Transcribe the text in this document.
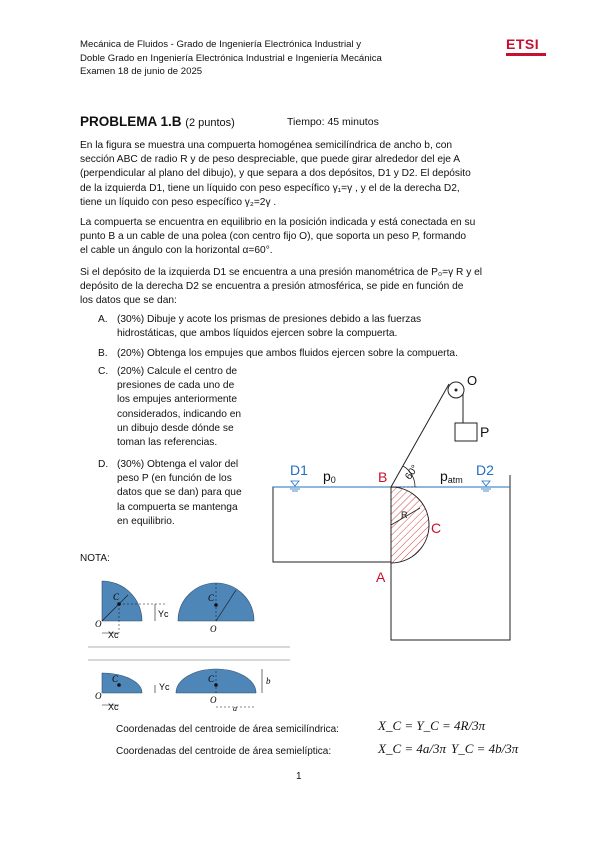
Mecánica de Fluidos - Grado de Ingeniería Electrónica Industrial y
Doble Grado en Ingeniería Electrónica Industrial e Ingeniería Mecánica
Examen 18 de junio de 2025
ETSI
PROBLEMA 1.B (2 puntos)	Tiempo: 45 minutos
En la figura se muestra una compuerta homogénea semicilíndrica de ancho b, con
sección ABC de radio R y de peso despreciable, que puede girar alrededor del eje A
(perpendicular al plano del dibujo), y que separa a dos depósitos, D1 y D2. El depósito
de la izquierda D1, tiene un líquido con peso específico γ₁=γ , y el de la derecha D2,
tiene un líquido con peso específico γ₂=2γ .
La compuerta se encuentra en equilibrio en la posición indicada y está conectada en su
punto B a un cable de una polea (con centro fijo O), que soporta un peso P, formando
el cable un ángulo con la horizontal α=60°.
Si el depósito de la izquierda D1 se encuentra a una presión manométrica de P₀=γ R y el
depósito de la derecha D2 se encuentra a presión atmosférica, se pide en función de
los datos que se dan:
A. (30%) Dibuje y acote los prismas de presiones debido a las fuerzas
hidrostáticas, que ambos líquidos ejercen sobre la compuerta.
B. (20%) Obtenga los empujes que ambos fluidos ejercen sobre la compuerta.
C. (20%) Calcule el centro de
presiones de cada uno de
los empujes anteriormente
considerados, indicando en
un dibujo desde dónde se
toman las referencias.
D. (30%) Obtenga el valor del
peso P (en función de los
datos que se dan) para que
la compuerta se mantenga
en equilibrio.
D1	D2
p0	patm
B
A
C
R
O
P
60°
NOTA:
C
O
Yc
Xc
C
O
C
O
Yc
Xc
C
O
a
b
Coordenadas del centroide de área semicilíndrica:	X_C = Y_C = 4R/3π
Coordenadas del centroide de área semielíptica:	X_C = 4a/3π Y_C = 4b/3π
1
